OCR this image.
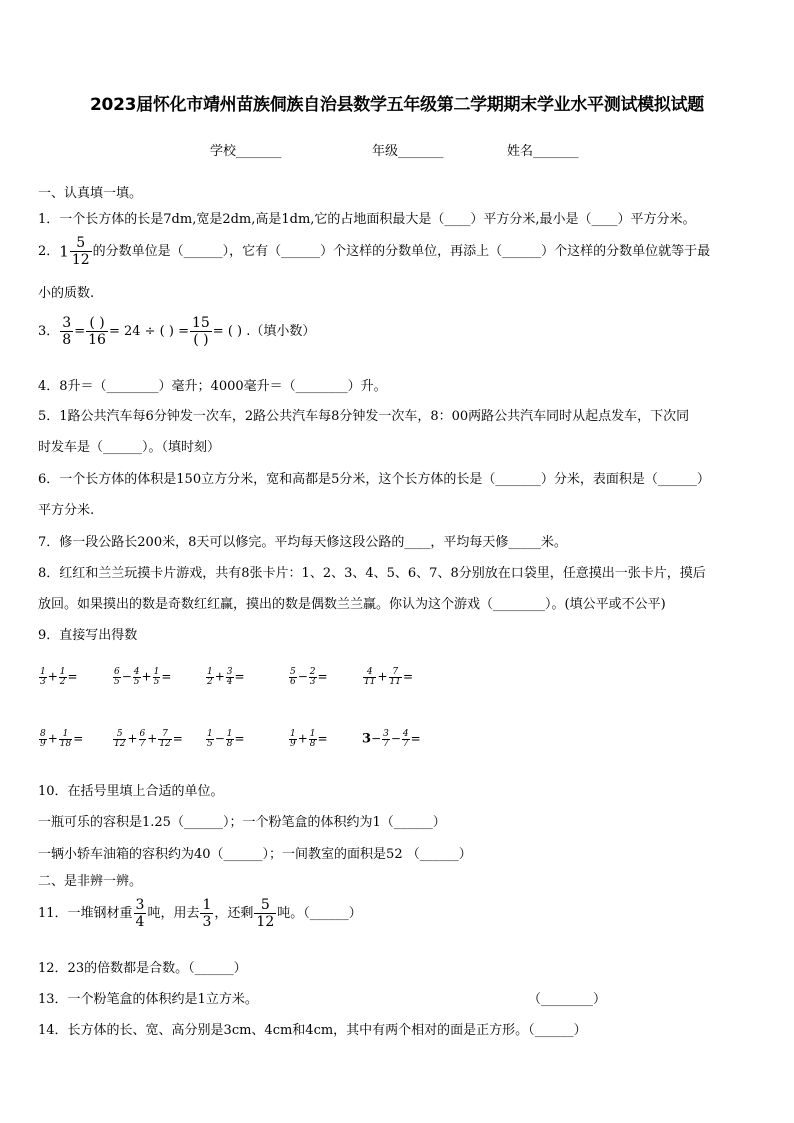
2023届怀化市靖州苗族侗族自治县数学五年级第二学期期末学业水平测试模拟试题
学校_______	年级_______	姓名_______
一、认真填一填。
1．一个长方体的长是7dm,宽是2dm,高是1dm,它的占地面积最大是（____）平方分米,最小是（____）平方分米。
2．$1 \frac{5}{12}$ 的分数单位是（______），它有（______）个这样的分数单位，再添上（______）个这样的分数单位就等于最
小的质数.
3． $\frac{3}{8} = \frac{( )}{16} = 24$ ÷ ( ) = $\frac{15}{( )}$ = ( ) .（填小数）
4．8升＝（________）毫升；4000毫升＝（________）升。
5．1路公共汽车每6分钟发一次车，2路公共汽车每8分钟发一次车，8：00两路公共汽车同时从起点发车，下次同
时发车是（______）。（填时刻）
6．一个长方体的体积是150立方分米，宽和高都是5分米，这个长方体的长是（_______）分米，表面积是（______）
平方分米.
7．修一段公路长200米，8天可以修完。平均每天修这段公路的____，平均每天修_____米。
8．红红和兰兰玩摸卡片游戏，共有8张卡片：1、2、3、4、5、6、7、8分别放在口袋里，任意摸出一张卡片，摸后
放回。如果摸出的数是奇数红红赢，摸出的数是偶数兰兰赢。你认为这个游戏（________）。(填公平或不公平)
9．直接写出得数
$\frac{1}{3} + \frac{1}{2}$ =	$\frac{6}{5} - \frac{4}{5} + \frac{1}{5}$ =	$\frac{1}{2} + \frac{3}{4}$ =	$\frac{5}{6} - \frac{2}{3}$ =	$\frac{4}{11} + \frac{7}{11}$ =
$\frac{8}{9} + \frac{1}{18}$ =	$\frac{5}{12} + \frac{6}{7} + \frac{7}{12}$ =	$\frac{1}{5} - \frac{1}{8}$ =	$\frac{1}{9} + \frac{1}{8}$ =	$3- \frac{3}{7} - \frac{4}{7}$ =
10．在括号里填上合适的单位。
一瓶可乐的容积是1.25（______）；一个粉笔盒的体积约为1（______）
一辆小轿车油箱的容积约为40（______）；一间教室的面积是52 （______）
二、是非辨一辨。
11．一堆钢材重 $\frac{3}{4}$ 吨，用去 $\frac{1}{3}$ ，还剩 $\frac{5}{12}$ 吨。（______）
12．23的倍数都是合数。（______）
13．一个粉笔盒的体积约是1立方米。	（________）
14．长方体的长、宽、高分别是3cm、4cm和4cm，其中有两个相对的面是正方形。（______）
